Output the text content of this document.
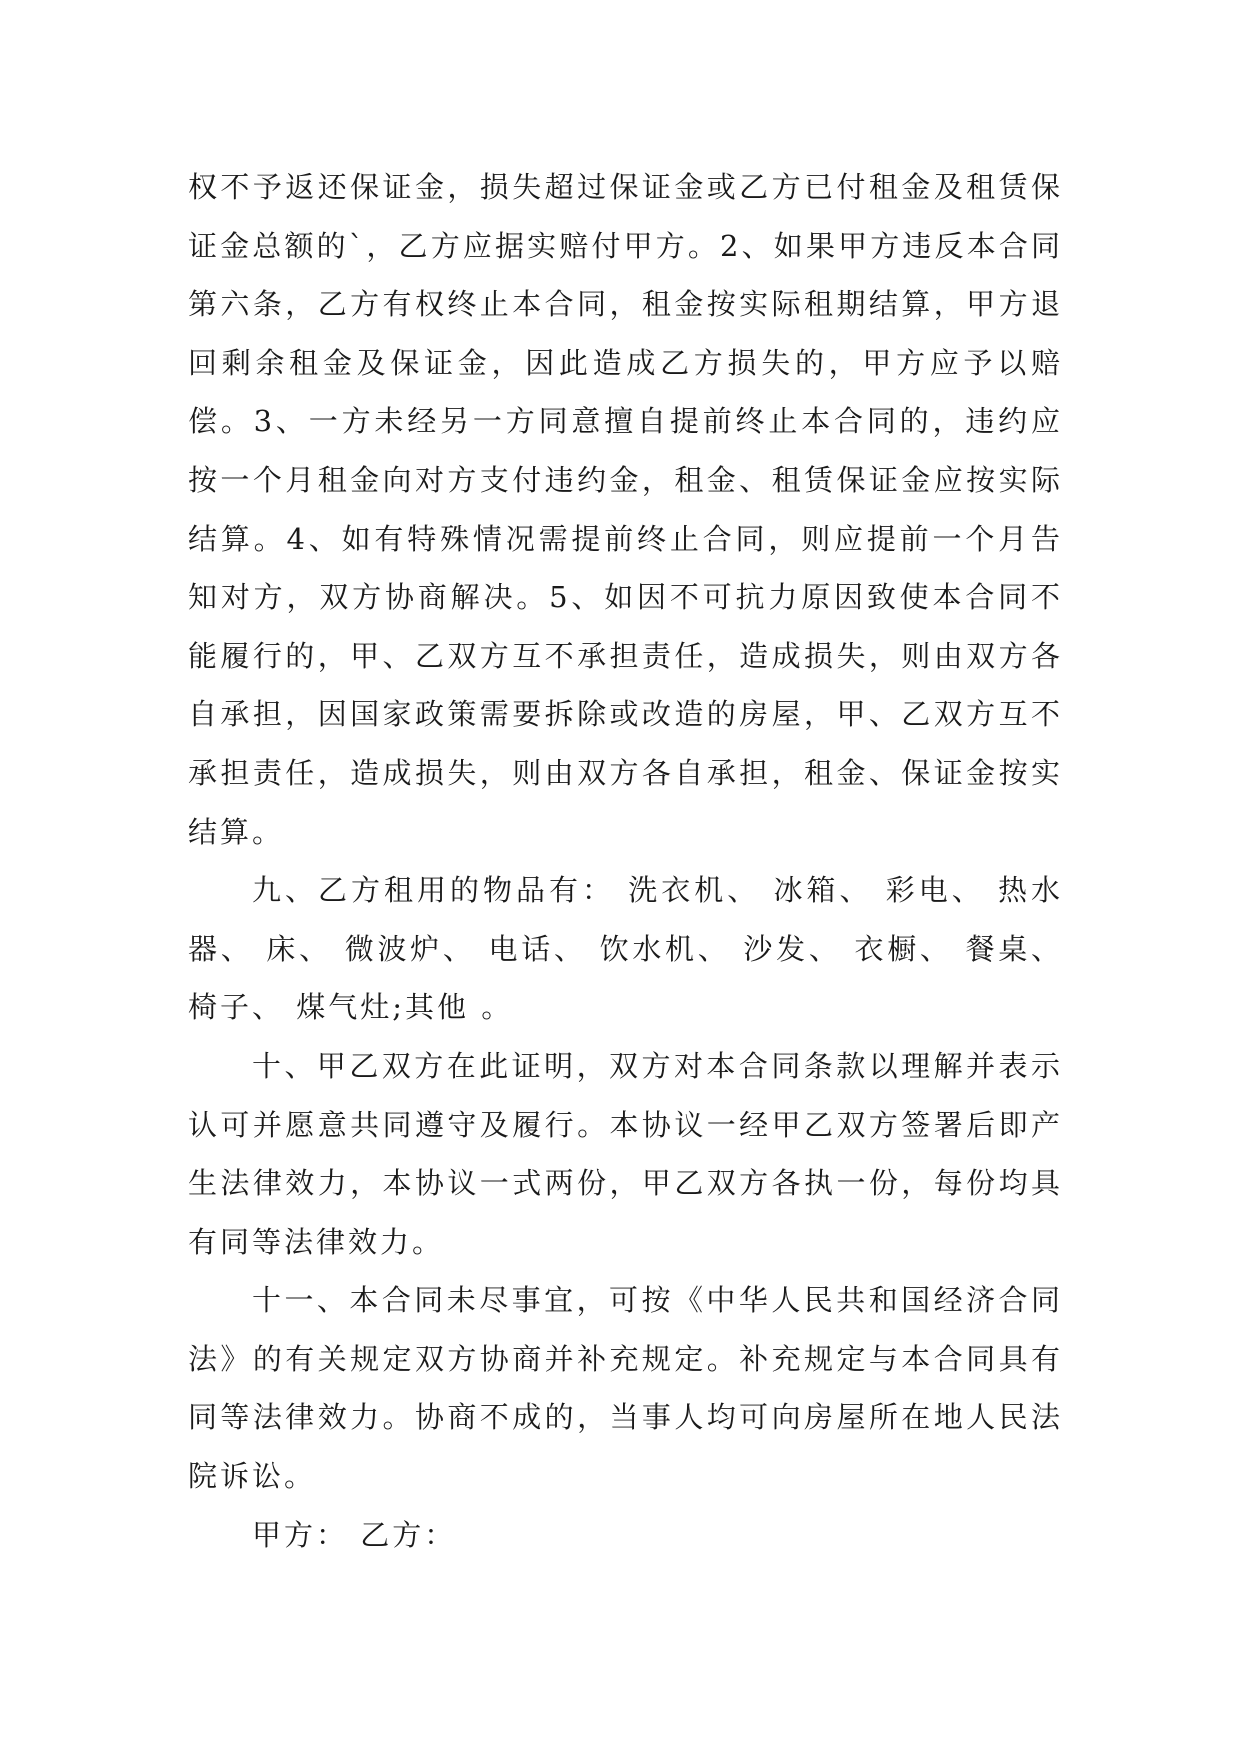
权不予返还保证金，损失超过保证金或乙方已付租金及租赁保证金总额的`，乙方应据实赔付甲方。2、如果甲方违反本合同第六条，乙方有权终止本合同，租金按实际租期结算，甲方退回剩余租金及保证金，因此造成乙方损失的，甲方应予以赔偿。3、一方未经另一方同意擅自提前终止本合同的，违约应按一个月租金向对方支付违约金，租金、租赁保证金应按实际结算。4、如有特殊情况需提前终止合同，则应提前一个月告知对方，双方协商解决。5、如因不可抗力原因致使本合同不能履行的，甲、乙双方互不承担责任，造成损失，则由双方各自承担，因国家政策需要拆除或改造的房屋，甲、乙双方互不承担责任，造成损失，则由双方各自承担，租金、保证金按实结算。

九、乙方租用的物品有： 洗衣机、 冰箱、 彩电、 热水器、 床、 微波炉、 电话、 饮水机、 沙发、 衣橱、 餐桌、 椅子、 煤气灶;其他 。

十、甲乙双方在此证明，双方对本合同条款以理解并表示认可并愿意共同遵守及履行。本协议一经甲乙双方签署后即产生法律效力，本协议一式两份，甲乙双方各执一份，每份均具有同等法律效力。

十一、本合同未尽事宜，可按《中华人民共和国经济合同法》的有关规定双方协商并补充规定。补充规定与本合同具有同等法律效力。协商不成的，当事人均可向房屋所在地人民法院诉讼。

甲方： 乙方：
